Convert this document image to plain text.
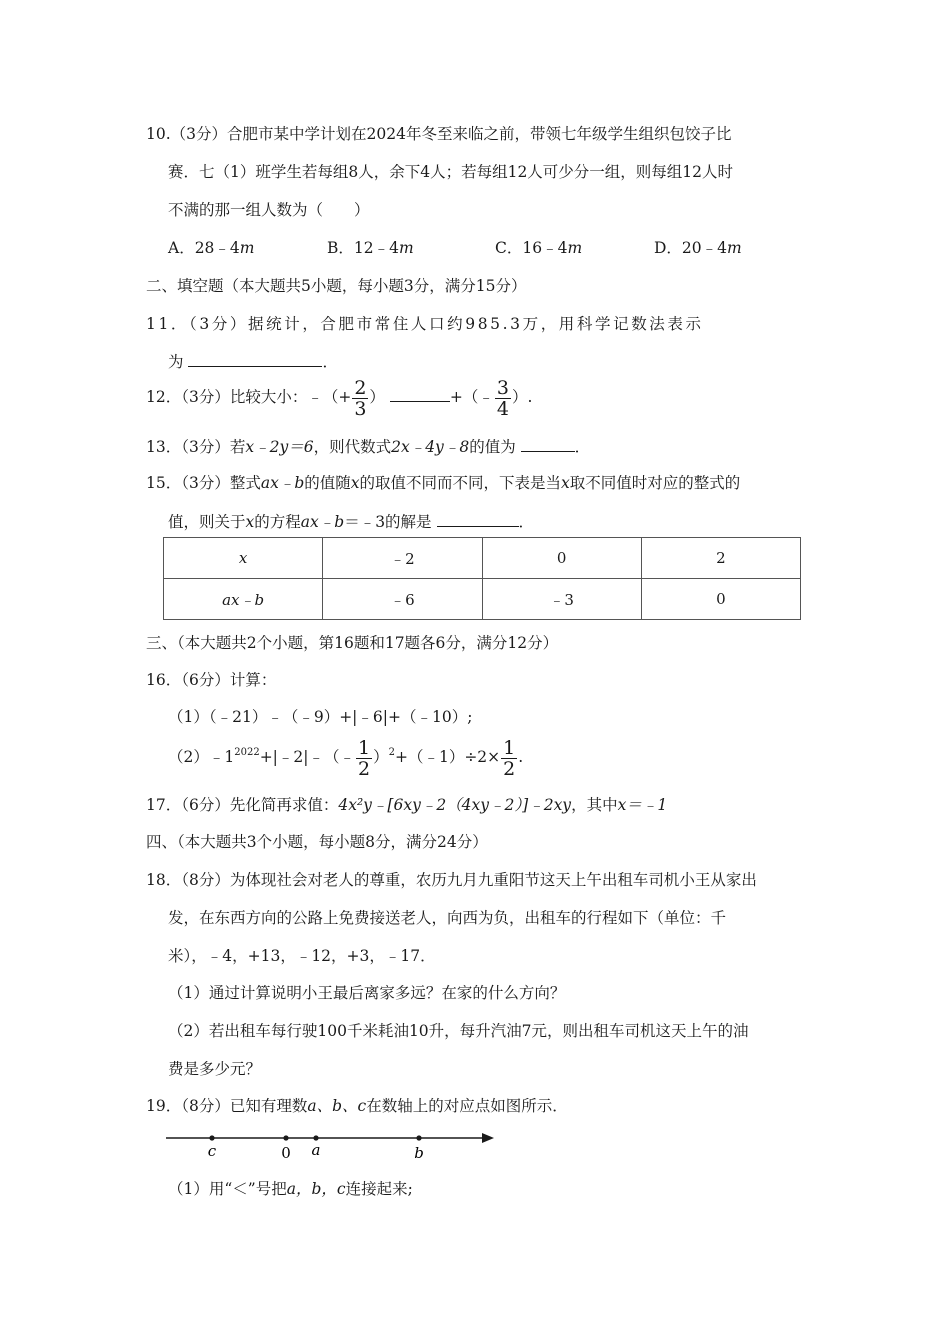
10.（3分）合肥市某中学计划在2024年冬至来临之前，带领七年级学生组织包饺子比
赛．七（1）班学生若每组8人，余下4人；若每组12人可少分一组，则每组12人时
不满的那一组人数为（　　）
A．28﹣4m	B．12﹣4m	C．16﹣4m	D．20﹣4m
二、填空题（本大题共5小题，每小题3分，满分15分）
11．（3分）据统计，合肥市常住人口约985.3万，用科学记数法表示
为	．
12．（3分）比较大小：﹣（+ $\frac{2}{3}$ ）	+（﹣ $\frac{3}{4}$ ）.
13．（3分）若x﹣2y＝6，则代数式2x﹣4y﹣8的值为	．
15．（3分）整式ax﹣b的值随x的取值不同而不同，下表是当x取不同值时对应的整式的
值，则关于x的方程ax﹣b＝﹣3的解是	．
x	﹣2	0	2
ax﹣b	﹣6	﹣3	0
三、（本大题共2个小题，第16题和17题各6分，满分12分）
16．（6分）计算：
（1）（﹣21）﹣（﹣9）+|﹣6|+（﹣10）;
$(2)﹣1^{2022}+|﹣2|﹣(﹣ \frac{1}{2}$ ）$^2$+（﹣1）÷2× $\frac{1}{2}$ .
17．（6分）先化简再求值：4x²y﹣[6xy﹣2（4xy﹣2）]﹣2xy，其中x＝﹣1
四、（本大题共3个小题，每小题8分，满分24分）
18．（8分）为体现社会对老人的尊重，农历九月九重阳节这天上午出租车司机小王从家出
发，在东西方向的公路上免费接送老人，向西为负，出租车的行程如下（单位：千
米），﹣4，+13，﹣12，+3，﹣17．
（1）通过计算说明小王最后离家多远？在家的什么方向？
（2）若出租车每行驶100千米耗油10升，每升汽油7元，则出租车司机这天上午的油
费是多少元？
19．（8分）已知有理数a、b、c在数轴上的对应点如图所示．
c	0 a	b
（1）用“＜”号把a，b，c连接起来;
